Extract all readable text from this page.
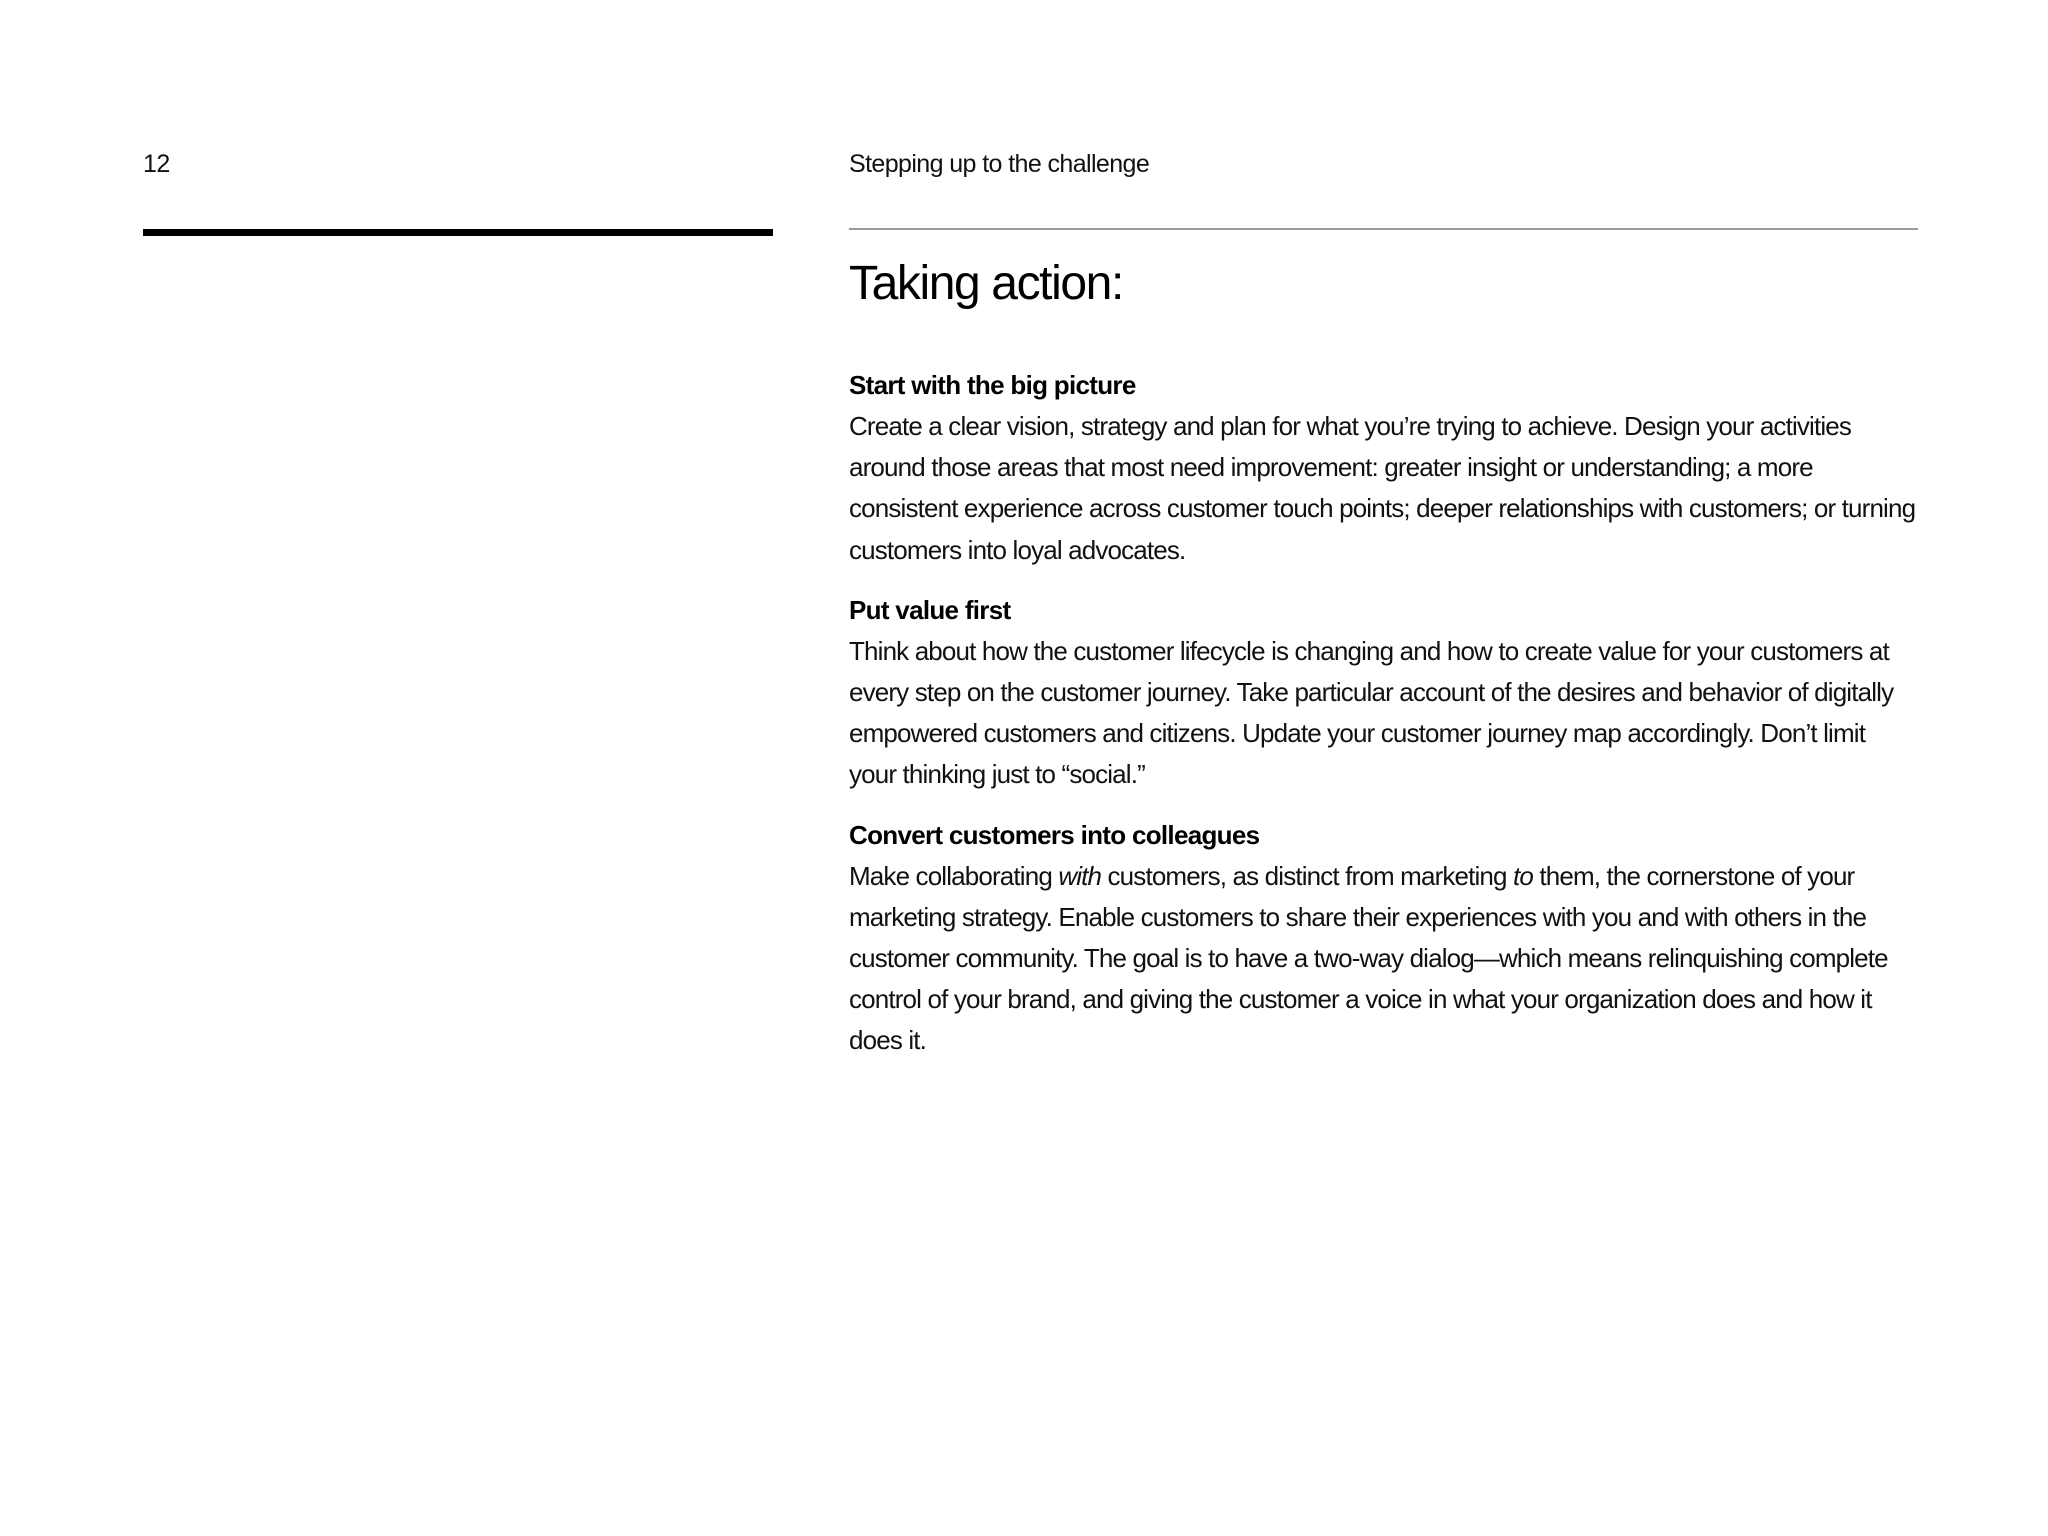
12	Stepping up to the challenge
Taking action:

Start with the big picture

Create a clear vision, strategy and plan for what you’re trying to achieve. Design your activities around those areas that most need improvement: greater insight or understanding; a more consistent experience across customer touch points; deeper relationships with customers; or turning customers into loyal advocates.

Put value first

Think about how the customer lifecycle is changing and how to create value for your customers at every step on the customer journey. Take particular account of the desires and behavior of digitally empowered customers and citizens. Update your customer journey map accordingly. Don’t limit your thinking just to “social.”

Convert customers into colleagues

Make collaborating with customers, as distinct from marketing to them, the cornerstone of your marketing strategy. Enable customers to share their experiences with you and with others in the customer community. The goal is to have a two-way dialog—which means relinquishing complete control of your brand, and giving the customer a voice in what your organization does and how it does it.
